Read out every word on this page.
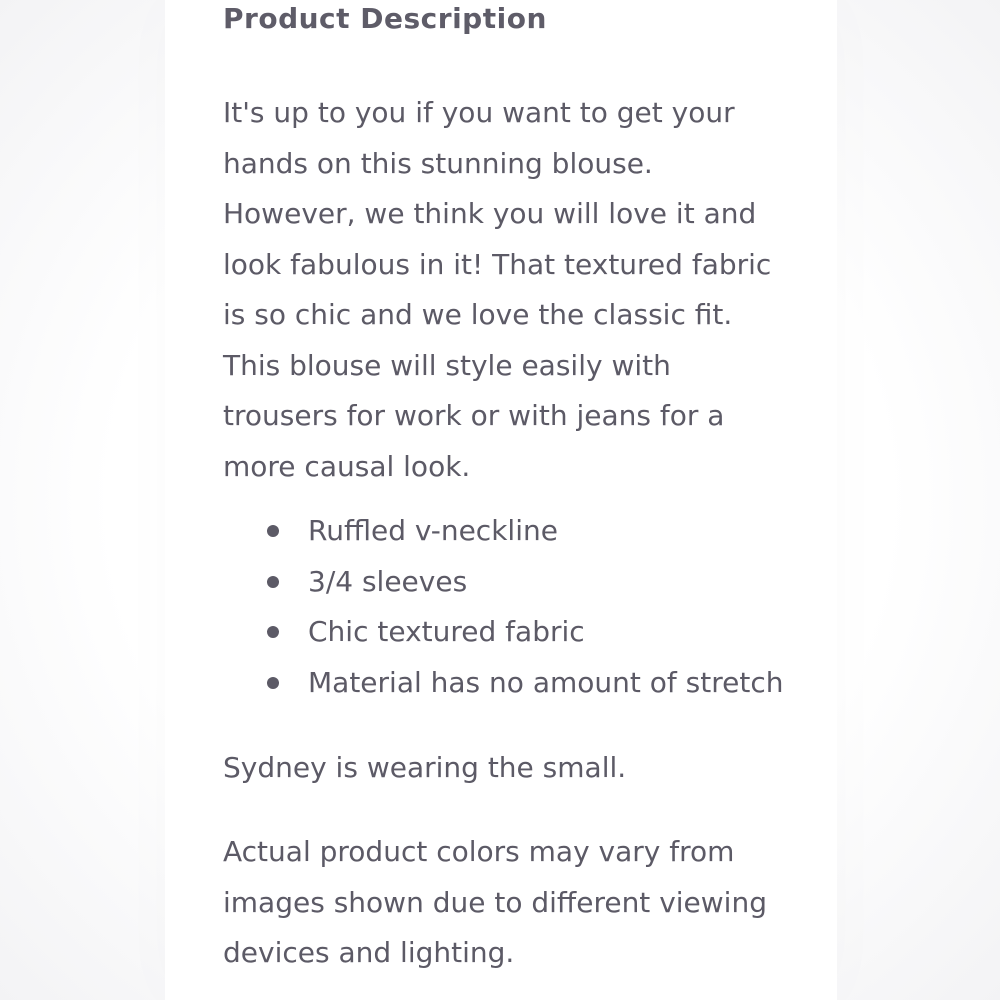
Product Description

It's up to you if you want to get your hands on this stunning blouse. However, we think you will love it and look fabulous in it! That textured fabric is so chic and we love the classic fit. This blouse will style easily with trousers for work or with jeans for a more causal look.

Ruffled v-neckline
3/4 sleeves
Chic textured fabric
Material has no amount of stretch

Sydney is wearing the small.

Actual product colors may vary from images shown due to different viewing devices and lighting.
